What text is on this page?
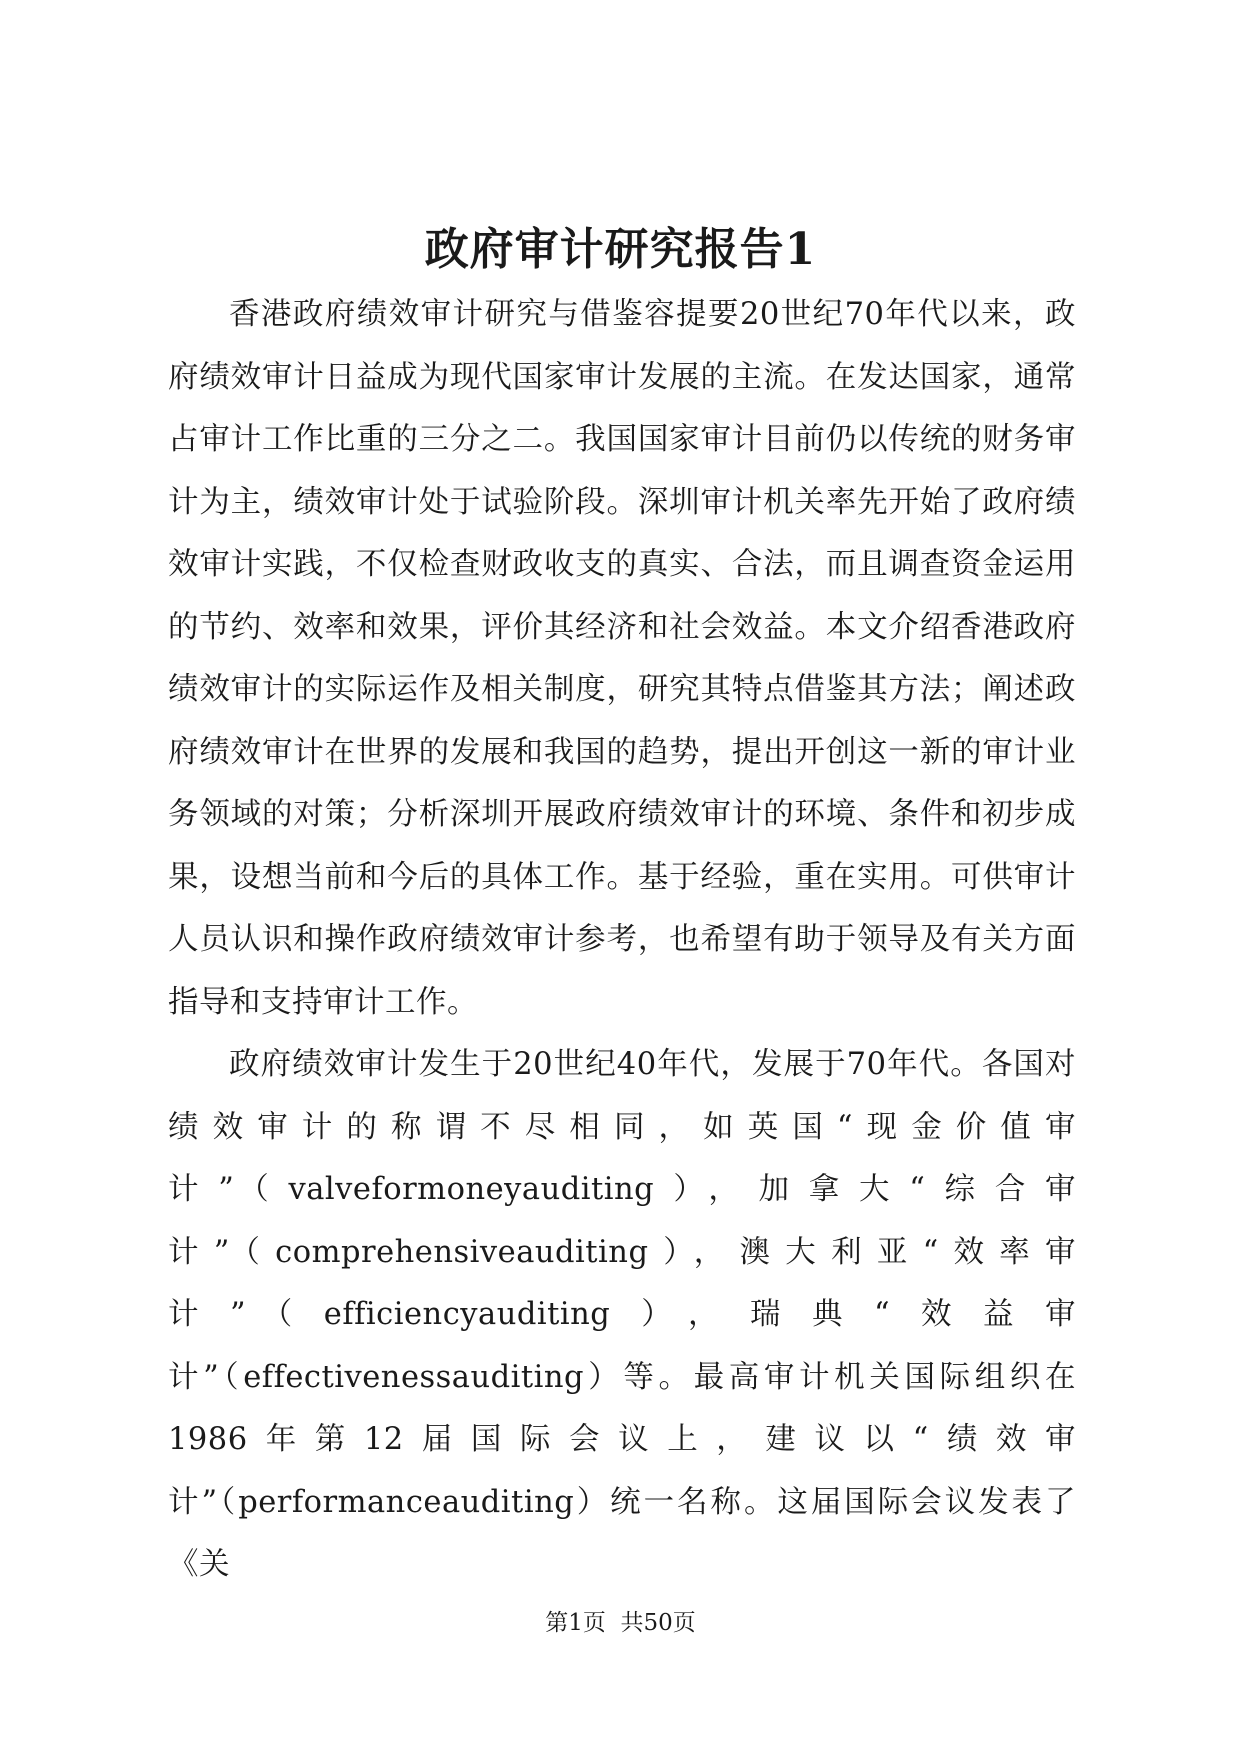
政府审计研究报告1

香港政府绩效审计研究与借鉴容提要20世纪70年代以来，政府绩效审计日益成为现代国家审计发展的主流。在发达国家，通常占审计工作比重的三分之二。我国国家审计目前仍以传统的财务审计为主，绩效审计处于试验阶段。深圳审计机关率先开始了政府绩效审计实践，不仅检查财政收支的真实、合法，而且调查资金运用的节约、效率和效果，评价其经济和社会效益。本文介绍香港政府绩效审计的实际运作及相关制度，研究其特点借鉴其方法；阐述政府绩效审计在世界的发展和我国的趋势，提出开创这一新的审计业务领域的对策；分析深圳开展政府绩效审计的环境、条件和初步成果，设想当前和今后的具体工作。基于经验，重在实用。可供审计人员认识和操作政府绩效审计参考，也希望有助于领导及有关方面指导和支持审计工作。

政府绩效审计发生于20世纪40年代，发展于70年代。各国对绩效审计的称谓不尽相同，如英国“现金价值审计”（valveformoneyauditing），加拿大“综合审计”（comprehensiveauditing），澳大利亚“效率审计”（efficiencyauditing），瑞典“效益审计”（effectivenessauditing）等。最高审计机关国际组织在1986年第12届国际会议上，建议以“绩效审计”（performanceauditing）统一名称。这届国际会议发表了《关

第1页  共50页
